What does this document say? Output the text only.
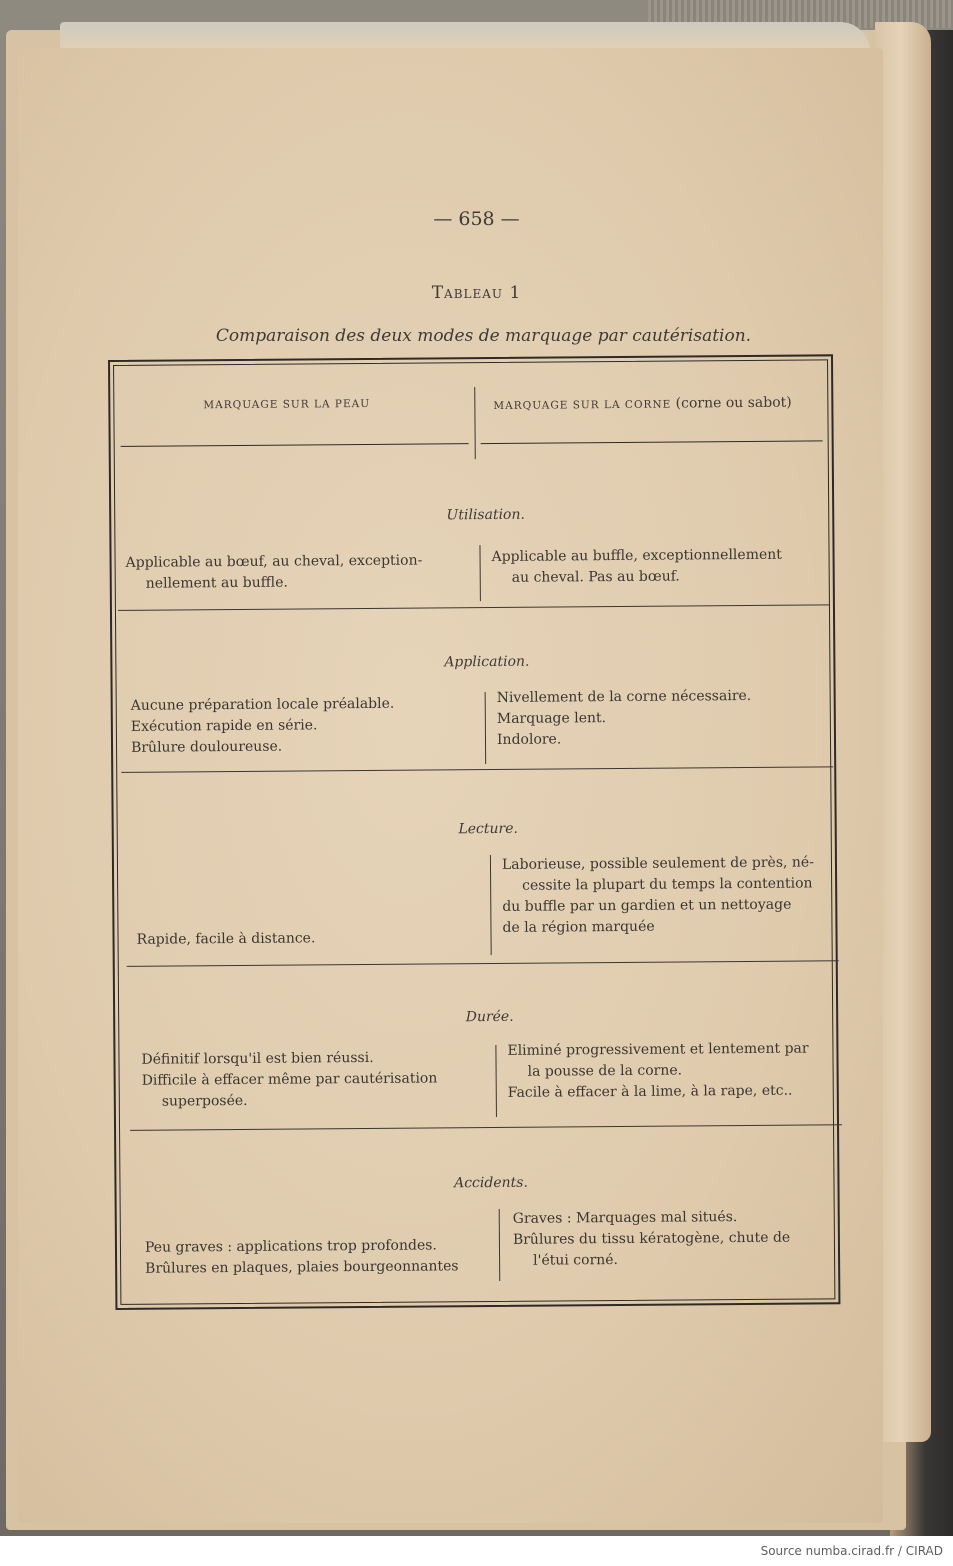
— 658 —
Tableau 1
Comparaison des deux modes de marquage par cautérisation.
MARQUAGE SUR LA PEAU	MARQUAGE SUR LA CORNE (corne ou sabot)
Utilisation.
Applicable au bœuf, au cheval, exception-
nellement au buffle.
Applicable au buffle, exceptionnellement
au cheval. Pas au bœuf.
Application.
Aucune préparation locale préalable.
Exécution rapide en série.
Brûlure douloureuse.
Nivellement de la corne nécessaire.
Marquage lent.
Indolore.
Lecture.
Rapide, facile à distance.
Laborieuse, possible seulement de près, né-
cessite la plupart du temps la contention
du buffle par un gardien et un nettoyage
de la région marquée
Durée.
Définitif lorsqu'il est bien réussi.
Difficile à effacer même par cautérisation
superposée.
Eliminé progressivement et lentement par
la pousse de la corne.
Facile à effacer à la lime, à la rape, etc..
Accidents.
Peu graves : applications trop profondes.
Brûlures en plaques, plaies bourgeonnantes
Graves : Marquages mal situés.
Brûlures du tissu kératogène, chute de
l'étui corné.
Source numba.cirad.fr / CIRAD
